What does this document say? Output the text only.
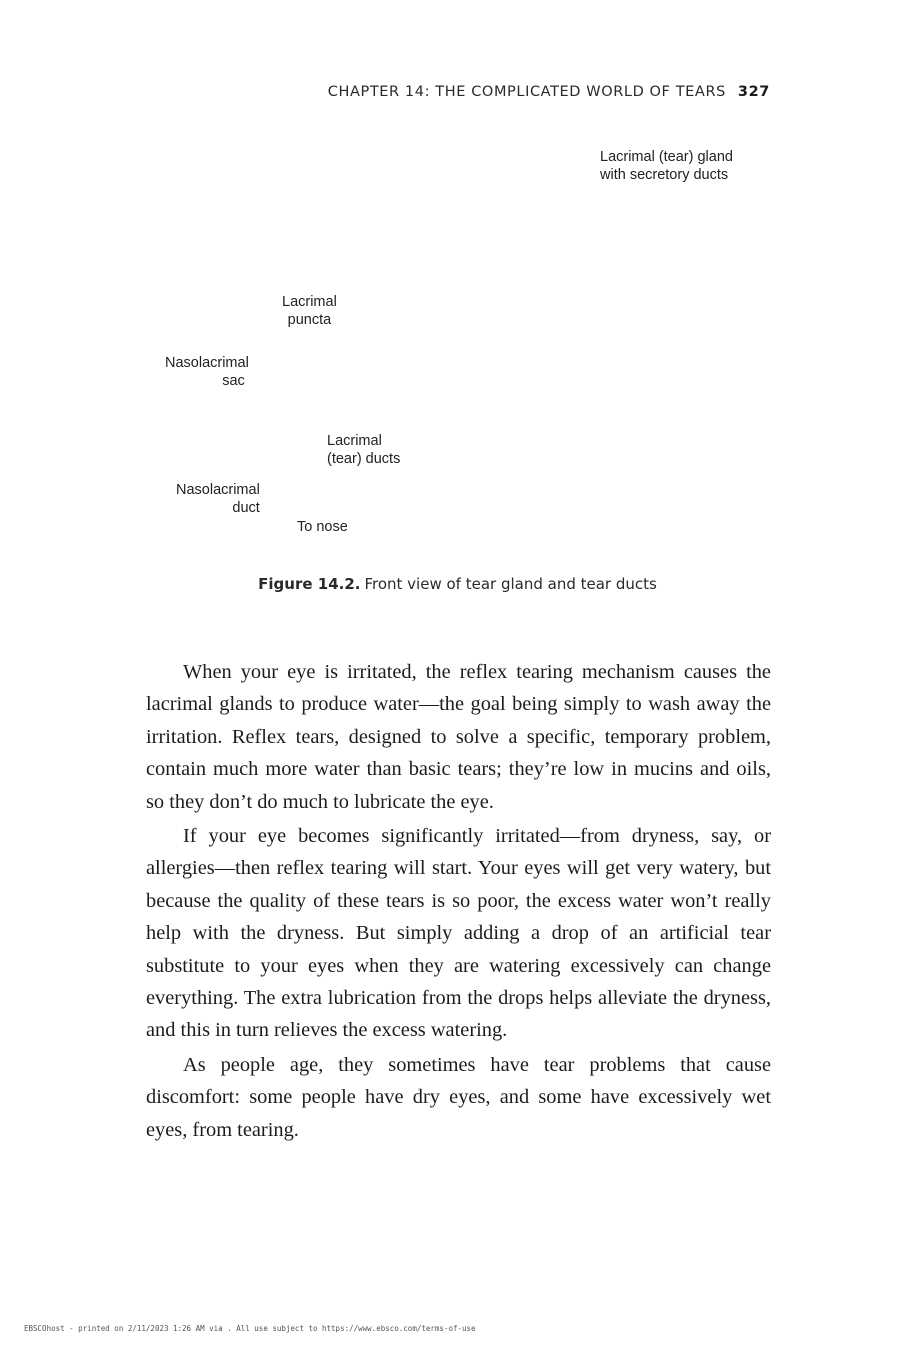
CHAPTER 14: THE COMPLICATED WORLD OF TEARS 327
Lacrimal (tear) gland
with secretory ducts
Lacrimal
puncta
Nasolacrimal
sac
Lacrimal
(tear) ducts
Nasolacrimal
duct
To nose
Figure 14.2. Front view of tear gland and tear ducts

When your eye is irritated, the reflex tearing mechanism causes the lacrimal glands to produce water—the goal being simply to wash away the irritation. Reflex tears, designed to solve a specific, temporary problem, contain much more water than basic tears; they’re low in mucins and oils, so they don’t do much to lubricate the eye.

If your eye becomes significantly irritated—from dryness, say, or allergies—then reflex tearing will start. Your eyes will get very watery, but because the quality of these tears is so poor, the excess water won’t really help with the dryness. But simply adding a drop of an artificial tear substitute to your eyes when they are watering excessively can change everything. The extra lubrication from the drops helps alleviate the dryness, and this in turn relieves the excess watering.

As people age, they sometimes have tear problems that cause discomfort: some people have dry eyes, and some have excessively wet eyes, from tearing.

EBSCOhost - printed on 2/11/2023 1:26 AM via . All use subject to https://www.ebsco.com/terms-of-use
